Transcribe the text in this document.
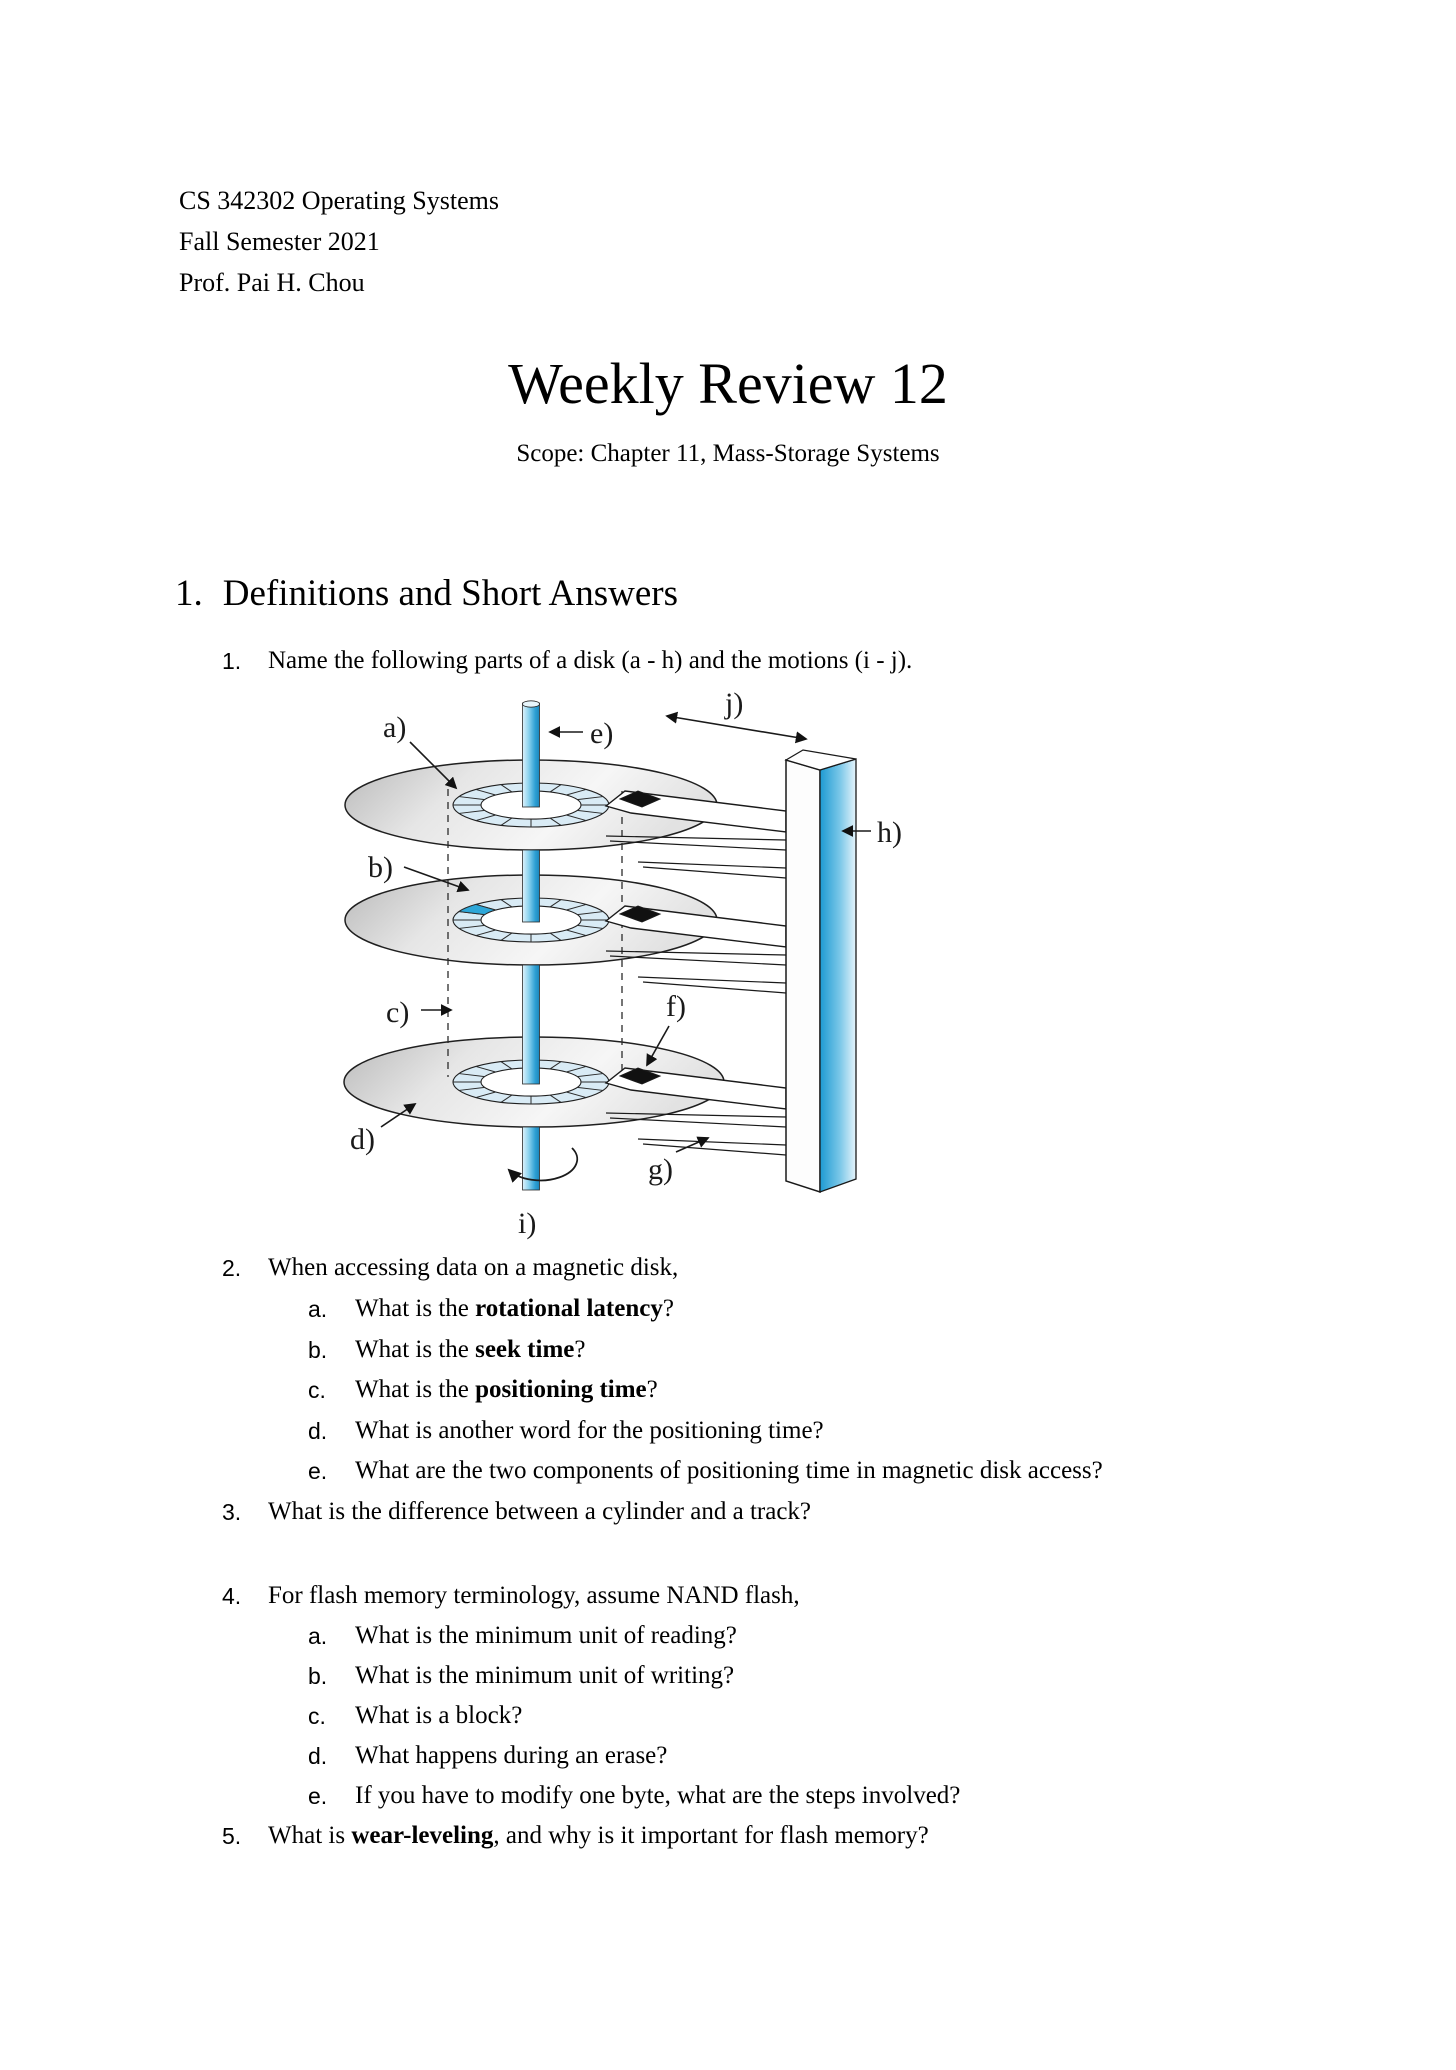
CS 342302 Operating Systems
Fall Semester 2021
Prof. Pai H. Chou
Weekly Review 12
Scope: Chapter 11, Mass-Storage Systems
1. Definitions and Short Answers
1. Name the following parts of a disk (a - h) and the motions (i - j).
a)
b)
c)
d)
e)
f)
g)
h)
i)
j)
2. When accessing data on a magnetic disk,
a. What is the rotational latency?
b. What is the seek time?
c. What is the positioning time?
d. What is another word for the positioning time?
e. What are the two components of positioning time in magnetic disk access?
3. What is the difference between a cylinder and a track?
4. For flash memory terminology, assume NAND flash,
a. What is the minimum unit of reading?
b. What is the minimum unit of writing?
c. What is a block?
d. What happens during an erase?
e. If you have to modify one byte, what are the steps involved?
5. What is wear-leveling, and why is it important for flash memory?
